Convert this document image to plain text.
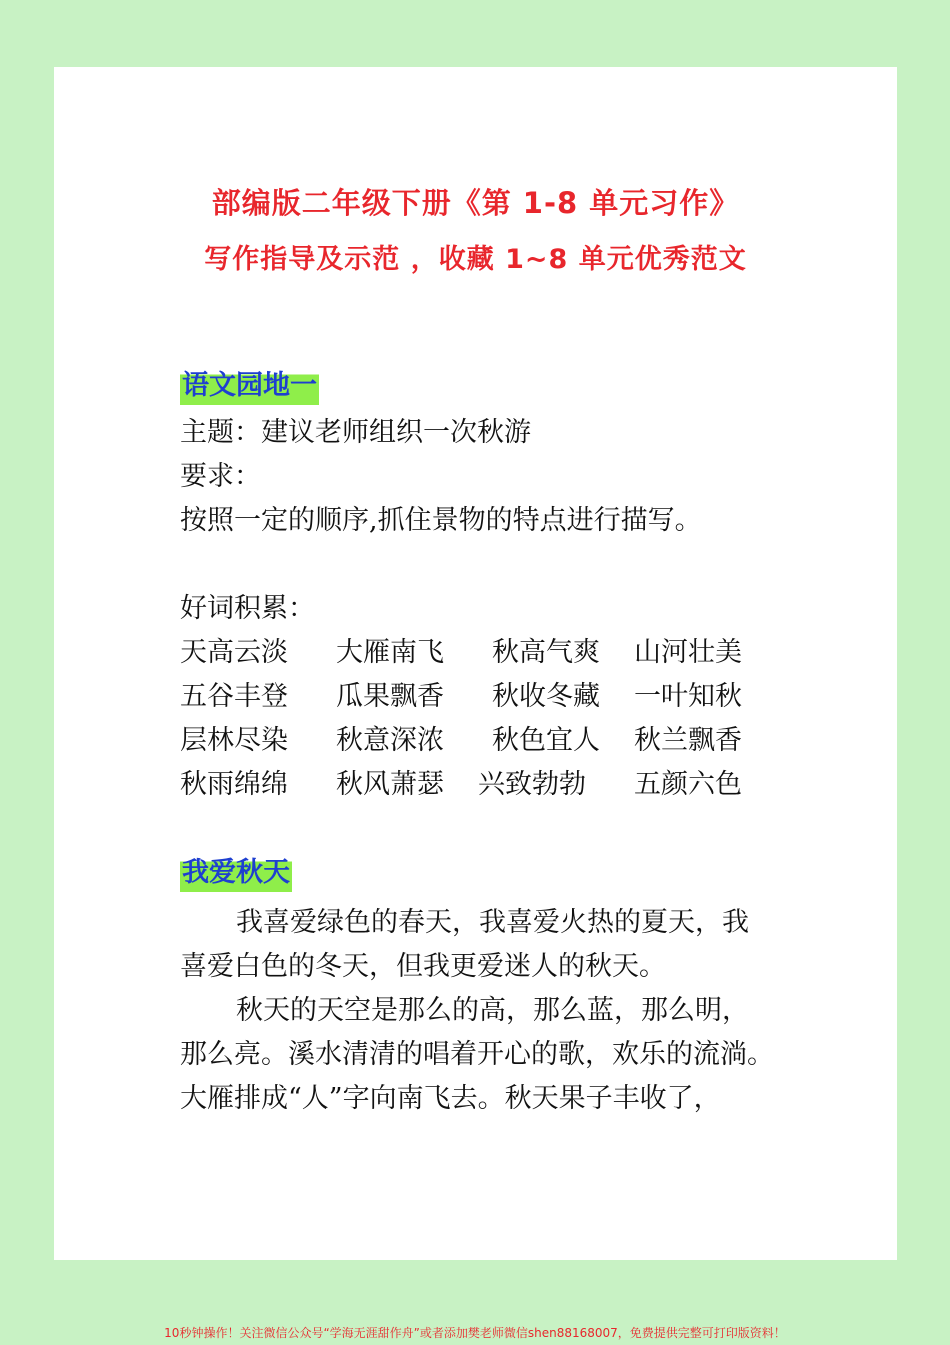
部编版二年级下册《第 1-8 单元习作》
写作指导及示范 ，收藏 1~8 单元优秀范文
语文园地一
主题：建议老师组织一次秋游
要求：
按照一定的顺序,抓住景物的特点进行描写。
好词积累：
天高云淡 大雁南飞 秋高气爽 山河壮美
五谷丰登 瓜果飘香 秋收冬藏 一叶知秋
层林尽染 秋意深浓 秋色宜人 秋兰飘香
秋雨绵绵 秋风萧瑟 兴致勃勃 五颜六色
我爱秋天
我喜爱绿色的春天，我喜爱火热的夏天，我
喜爱白色的冬天，但我更爱迷人的秋天。
秋天的天空是那么的高，那么蓝，那么明，
那么亮。溪水清清的唱着开心的歌，欢乐的流淌。
大雁排成“人”字向南飞去。秋天果子丰收了，
10秒钟操作！关注微信公众号“学海无涯甜作舟”或者添加樊老师微信shen88168007，免费提供完整可打印版资料！
